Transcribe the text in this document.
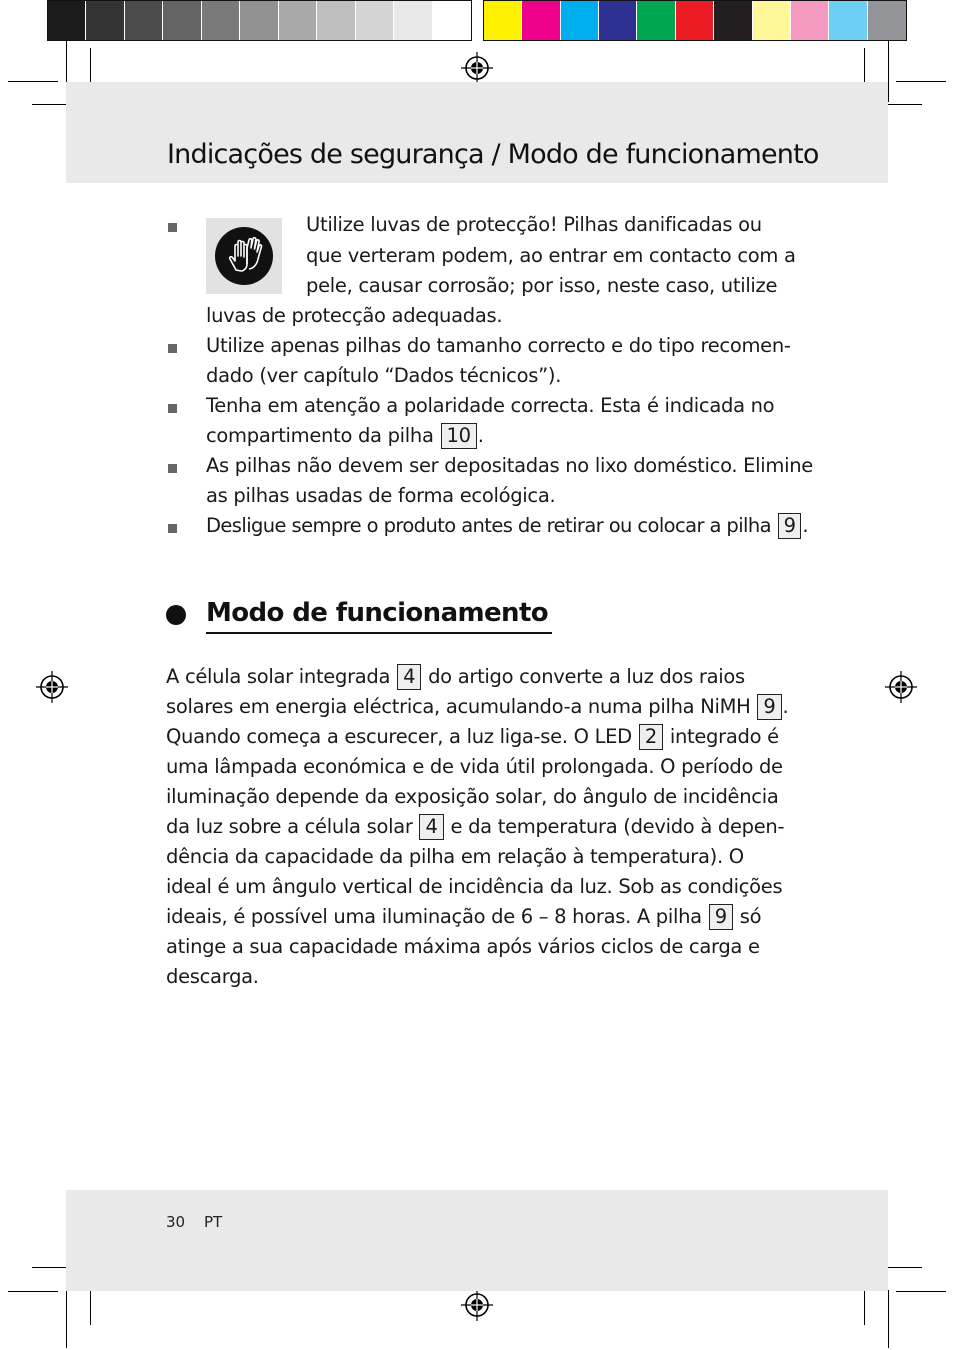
Indicações de segurança / Modo de funcionamento
Utilize luvas de protecção! Pilhas danificadas ou
que verteram podem, ao entrar em contacto com a
pele, causar corrosão; por isso, neste caso, utilize
luvas de protecção adequadas.
Utilize apenas pilhas do tamanho correcto e do tipo recomen-
dado (ver capítulo “Dados técnicos”).
Tenha em atenção a polaridade correcta. Esta é indicada no
compartimento da pilha 10 .
As pilhas não devem ser depositadas no lixo doméstico. Elimine
as pilhas usadas de forma ecológica.
Desligue sempre o produto antes de retirar ou colocar a pilha 9 .
Modo de funcionamento
A célula solar integrada 4 do artigo converte a luz dos raios
solares em energia eléctrica, acumulando-a numa pilha NiMH 9 .
Quando começa a escurecer, a luz liga-se. O LED 2 integrado é
uma lâmpada económica e de vida útil prolongada. O período de
iluminação depende da exposição solar, do ângulo de incidência
da luz sobre a célula solar 4 e da temperatura (devido à depen-
dência da capacidade da pilha em relação à temperatura). O
ideal é um ângulo vertical de incidência da luz. Sob as condições
ideais, é possível uma iluminação de 6 – 8 horas. A pilha 9 só
atinge a sua capacidade máxima após vários ciclos de carga e
descarga.
30 PT
